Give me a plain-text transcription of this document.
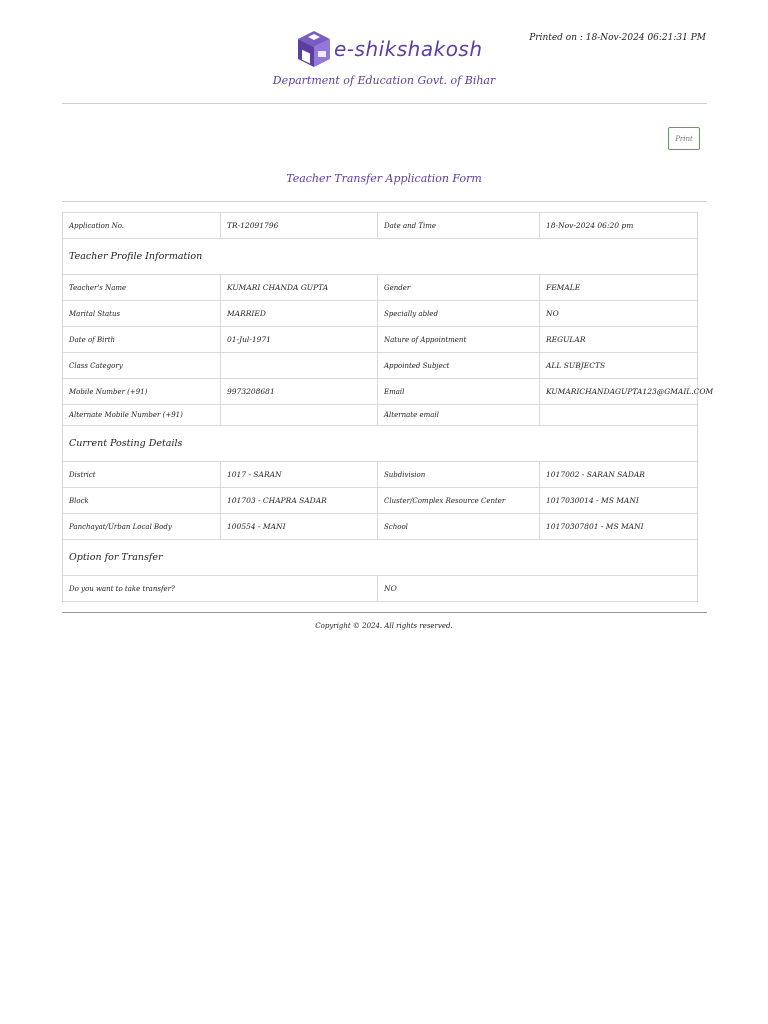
e-shikshakosh
Department of Education Govt. of Bihar
Printed on : 18-Nov-2024 06:21:31 PM
Print
Teacher Transfer Application Form
Application No.	TR-12091796	Date and Time	18-Nov-2024 06:20 pm
Teacher Profile Information			
Teacher's Name	KUMARI CHANDA GUPTA	Gender	FEMALE
Marital Status	MARRIED	Specially abled	NO
Date of Birth	01-Jul-1971	Nature of Appointment	REGULAR
Class Category		Appointed Subject	ALL SUBJECTS
Mobile Number (+91)	9973208681	Email	KUMARICHANDAGUPTA123@GMAIL.COM
Alternate Mobile Number (+91)		Alternate email	
Current Posting Details			
District	1017 - SARAN	Subdivision	1017002 - SARAN SADAR
Block	101703 - CHAPRA SADAR	Cluster/Complex Resource Center	1017030014 - MS MANI
Panchayat/Urban Local Body	100554 - MANI	School	10170307801 - MS MANI
Option for Transfer			
Do you want to take transfer?		NO	
Copyright © 2024. All rights reserved.
